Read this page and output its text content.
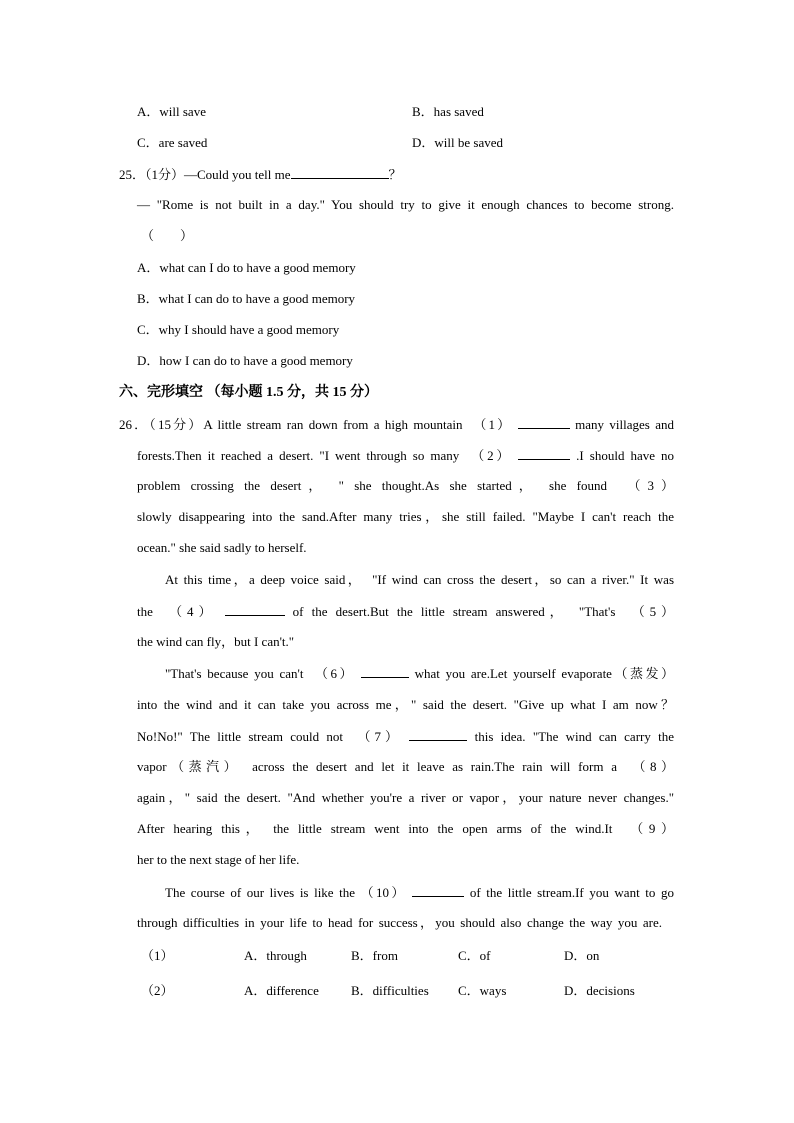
A．will save	B．has saved
C．are saved	D．will be saved
25．（1分）—Could you tell me	？
— "Rome is not built in a day." You should try to give it enough chances to become strong.
（　　）
A．what can I do to have a good memory
B．what I can do to have a good memory
C．why I should have a good memory
D．how I can do to have a good memory
六、完形填空 （每小题 1.5 分，共 15 分）
26．（15分）A little stream ran down from a high mountain　（1）	many villages and
forests.Then it reached a desert. "I went through so many　（2）	.I should have no
problem crossing the desert， " she thought.As she started， she found　（3）
slowly disappearing into the sand.After many tries，she still failed. "Maybe I can't reach the
ocean." she said sadly to herself.
At this time，a deep voice said，　"If wind can cross the desert，so can a river." It was
the　（4）	of the desert.But the little stream answered，　"That's　（5）
the wind can fly，but I can't."
"That's because you can't　（6）	what you are.Let yourself evaporate（蒸发）
into the wind and it can take you across me，" said the desert. "Give up what I am now？
No!No!" The little stream could not　（7）	this idea. "The wind can carry the
vapor（蒸汽）　across the desert and let it leave as rain.The rain will form a　（8）
again，" said the desert. "And whether you're a river or vapor，your nature never changes."
After hearing this， the little stream went into the open arms of the wind.It　（9）
her to the next stage of her life.
The course of our lives is like the （10）	of the little stream.If you want to go
through difficulties in your life to head for success，you should also change the way you are.
（1）	A．through	B．from	C．of	D．on
（2）	A．difference B．difficulties C．ways	D．decisions
